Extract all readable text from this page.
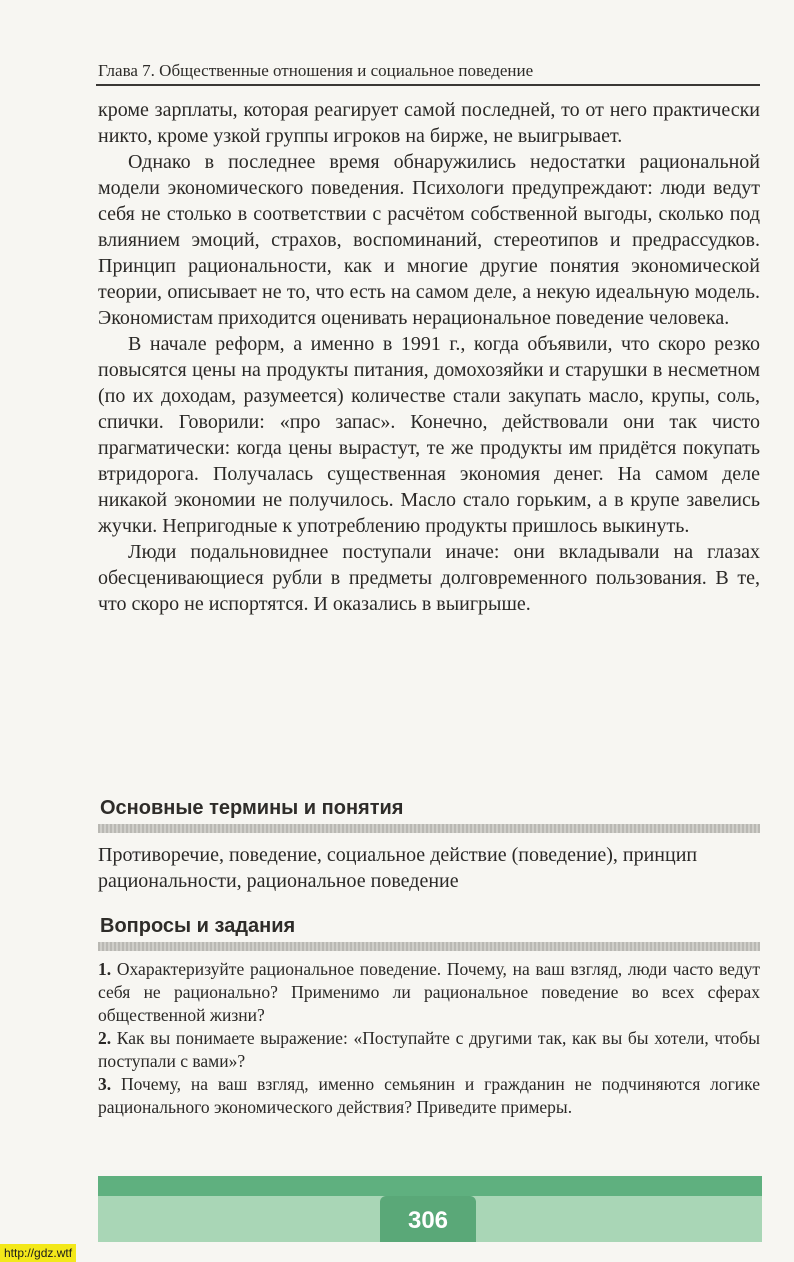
Глава 7. Общественные отношения и социальное поведение

кроме зарплаты, которая реагирует самой последней, то от него практически никто, кроме узкой группы игроков на бирже, не выигрывает.

Однако в последнее время обнаружились недостатки рациональной модели экономического поведения. Психологи предупреждают: люди ведут себя не столько в соответствии с расчётом собственной выгоды, сколько под влиянием эмоций, страхов, воспоминаний, стереотипов и предрассудков. Принцип рациональности, как и многие другие понятия экономической теории, описывает не то, что есть на самом деле, а некую идеальную модель. Экономистам приходится оценивать нерациональное поведение человека.

В начале реформ, а именно в 1991 г., когда объявили, что скоро резко повысятся цены на продукты питания, домохозяйки и старушки в несметном (по их доходам, разумеется) количестве стали закупать масло, крупы, соль, спички. Говорили: «про запас». Конечно, действовали они так чисто прагматически: когда цены вырастут, те же продукты им придётся покупать втридорога. Получалась существенная экономия денег. На самом деле никакой экономии не получилось. Масло стало горьким, а в крупе завелись жучки. Непригодные к употреблению продукты пришлось выкинуть.

Люди подальновиднее поступали иначе: они вкладывали на глазах обесценивающиеся рубли в предметы долговременного пользования. В те, что скоро не испортятся. И оказались в выигрыше.

Основные термины и понятия
Противоречие, поведение, социальное действие (поведение), принцип рациональности, рациональное поведение
Вопросы и задания

1. Охарактеризуйте рациональное поведение. Почему, на ваш взгляд, люди часто ведут себя не рационально? Применимо ли рациональное поведение во всех сферах общественной жизни?

2. Как вы понимаете выражение: «Поступайте с другими так, как вы бы хотели, чтобы поступали с вами»?

3. Почему, на ваш взгляд, именно семьянин и гражданин не подчиняются логике рационального экономического действия? Приведите примеры.

306
http://gdz.wtf
